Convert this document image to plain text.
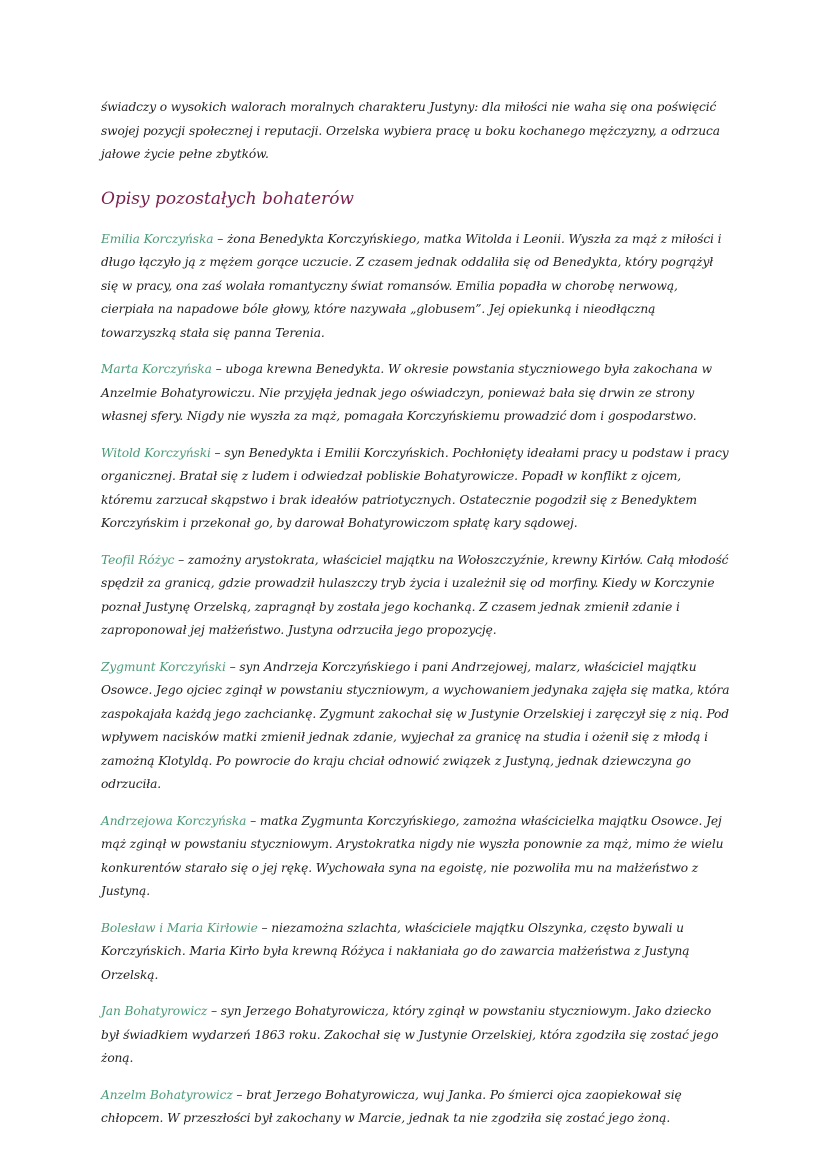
świadczy o wysokich walorach moralnych charakteru Justyny: dla miłości nie waha się ona poświęcić swojej pozycji społecznej i reputacji. Orzelska wybiera pracę u boku kochanego mężczyzny, a odrzuca jałowe życie pełne zbytków.

Opisy pozostałych bohaterów

Emilia Korczyńska – żona Benedykta Korczyńskiego, matka Witolda i Leonii. Wyszła za mąż z miłości i długo łączyło ją z mężem gorące uczucie. Z czasem jednak oddaliła się od Benedykta, który pogrążył się w pracy, ona zaś wolała romantyczny świat romansów. Emilia popadła w chorobę nerwową, cierpiała na napadowe bóle głowy, które nazywała „globusem”. Jej opiekunką i nieodłączną towarzyszką stała się panna Terenia.

Marta Korczyńska – uboga krewna Benedykta. W okresie powstania styczniowego była zakochana w Anzelmie Bohatyrowiczu. Nie przyjęła jednak jego oświadczyn, ponieważ bała się drwin ze strony własnej sfery. Nigdy nie wyszła za mąż, pomagała Korczyńskiemu prowadzić dom i gospodarstwo.

Witold Korczyński – syn Benedykta i Emilii Korczyńskich. Pochłonięty ideałami pracy u podstaw i pracy organicznej. Bratał się z ludem i odwiedzał pobliskie Bohatyrowicze. Popadł w konflikt z ojcem, któremu zarzucał skąpstwo i brak ideałów patriotycznych. Ostatecznie pogodził się z Benedyktem Korczyńskim i przekonał go, by darował Bohatyrowiczom spłatę kary sądowej.

Teofil Różyc – zamożny arystokrata, właściciel majątku na Wołoszczyźnie, krewny Kirłów. Całą młodość spędził za granicą, gdzie prowadził hulaszczy tryb życia i uzależnił się od morfiny. Kiedy w Korczynie poznał Justynę Orzelską, zapragnął by została jego kochanką. Z czasem jednak zmienił zdanie i zaproponował jej małżeństwo. Justyna odrzuciła jego propozycję.

Zygmunt Korczyński – syn Andrzeja Korczyńskiego i pani Andrzejowej, malarz, właściciel majątku Osowce. Jego ojciec zginął w powstaniu styczniowym, a wychowaniem jedynaka zajęła się matka, która zaspokajała każdą jego zachciankę. Zygmunt zakochał się w Justynie Orzelskiej i zaręczył się z nią. Pod wpływem nacisków matki zmienił jednak zdanie, wyjechał za granicę na studia i ożenił się z młodą i zamożną Klotyldą. Po powrocie do kraju chciał odnowić związek z Justyną, jednak dziewczyna go odrzuciła.

Andrzejowa Korczyńska – matka Zygmunta Korczyńskiego, zamożna właścicielka majątku Osowce. Jej mąż zginął w powstaniu styczniowym. Arystokratka nigdy nie wyszła ponownie za mąż, mimo że wielu konkurentów starało się o jej rękę. Wychowała syna na egoistę, nie pozwoliła mu na małżeństwo z Justyną.

Bolesław i Maria Kirłowie – niezamożna szlachta, właściciele majątku Olszynka, często bywali u Korczyńskich. Maria Kirło była krewną Różyca i nakłaniała go do zawarcia małżeństwa z Justyną Orzelską.

Jan Bohatyrowicz – syn Jerzego Bohatyrowicza, który zginął w powstaniu styczniowym. Jako dziecko był świadkiem wydarzeń 1863 roku. Zakochał się w Justynie Orzelskiej, która zgodziła się zostać jego żoną.

Anzelm Bohatyrowicz – brat Jerzego Bohatyrowicza, wuj Janka. Po śmierci ojca zaopiekował się chłopcem. W przeszłości był zakochany w Marcie, jednak ta nie zgodziła się zostać jego żoną.
